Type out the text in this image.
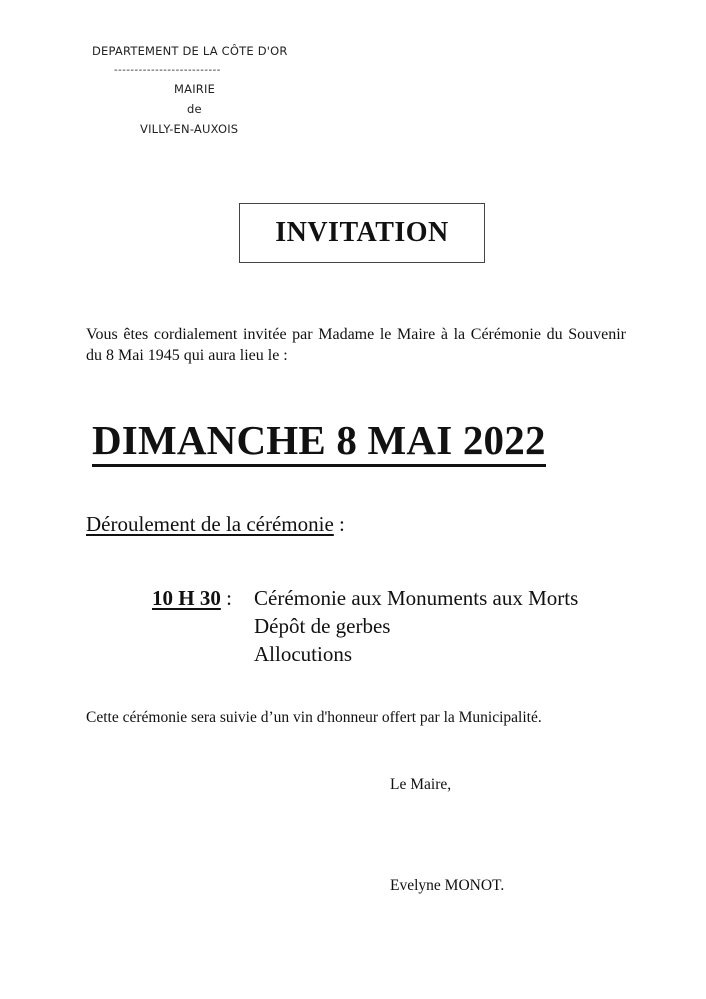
DEPARTEMENT DE LA CÔTE D'OR
--------------------------
MAIRIE
de
VILLY-EN-AUXOIS
INVITATION
Vous êtes cordialement invitée par Madame le Maire à la Cérémonie du Souvenir du 8 Mai 1945 qui aura lieu le :
DIMANCHE 8 MAI 2022
Déroulement de la cérémonie :
10 H 30 : Cérémonie aux Monuments aux Morts
Dépôt de gerbes
Allocutions
Cette cérémonie sera suivie d’un vin d'honneur offert par la Municipalité.
Le Maire,
Evelyne MONOT.
